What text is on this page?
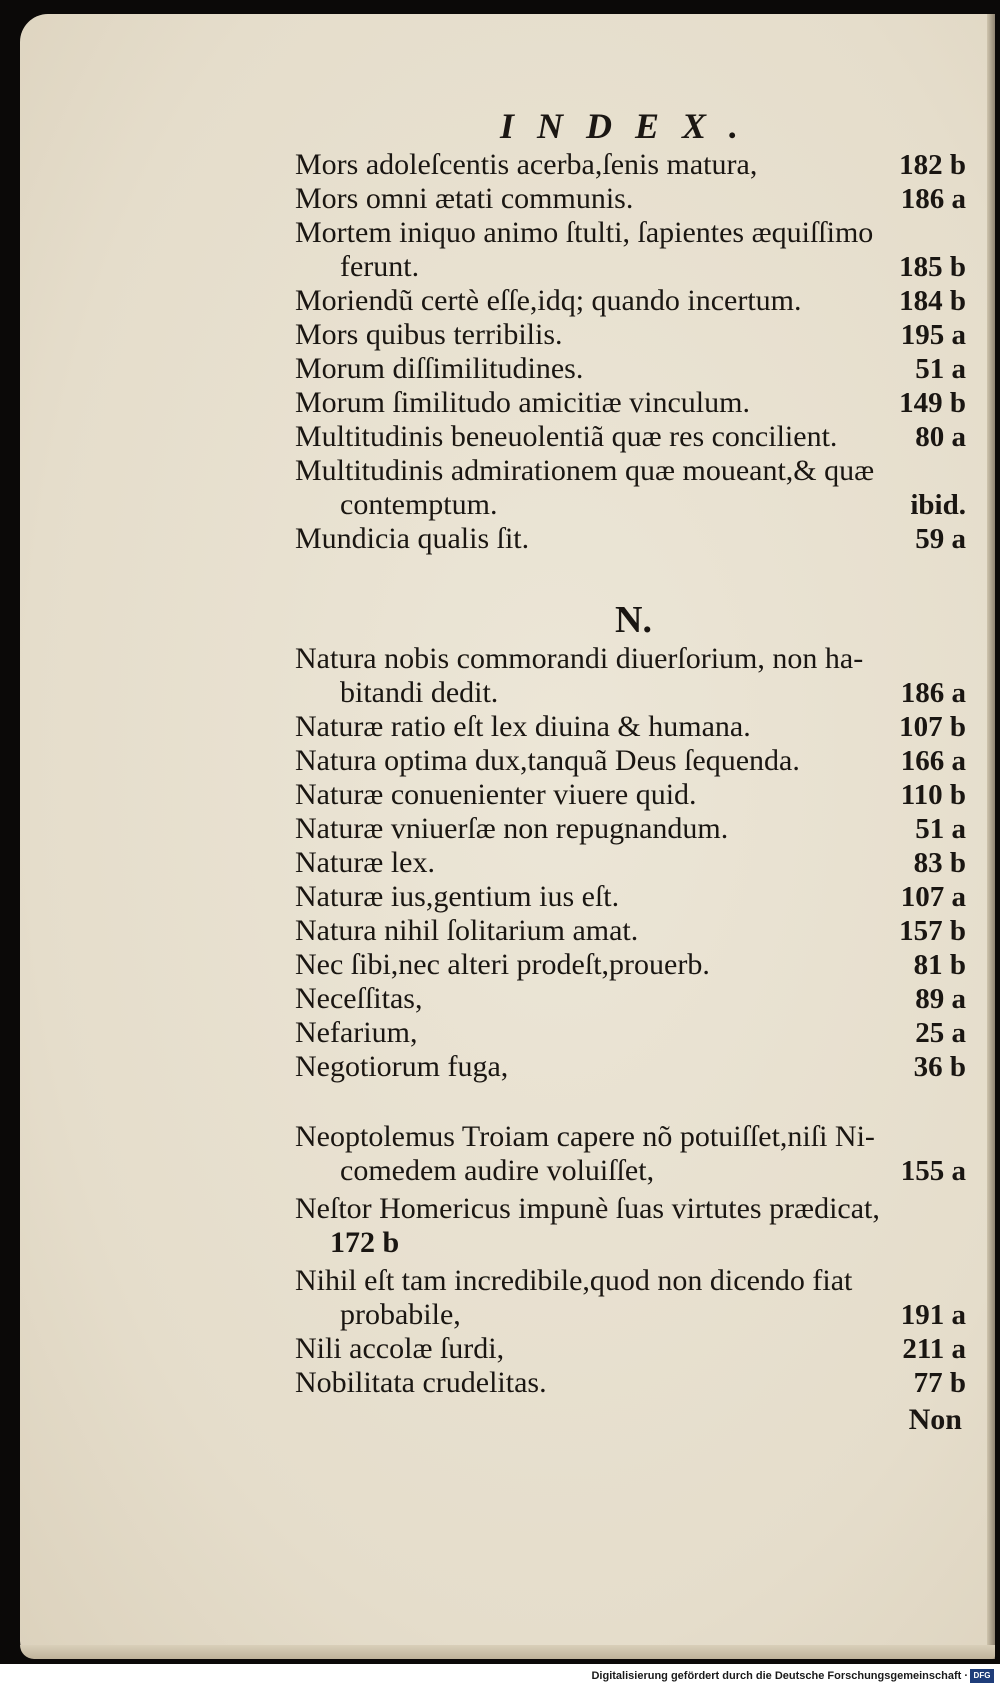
INDEX.
Mors adoleſcentis acerba,ſenis matura,	182 b
Mors omni ætati communis.	186 a
Mortem iniquo animo ſtulti, ſapientes æquiſſimo
ferunt.	185 b
Moriendũ certè eſſe,idq; quando incertum.	184 b
Mors quibus terribilis.	195 a
Morum diſſimilitudines.	51 a
Morum ſimilitudo amicitiæ vinculum.	149 b
Multitudinis beneuolentiã quæ res concilient.	80 a
Multitudinis admirationem quæ moueant,& quæ
contemptum.	ibid.
Mundicia qualis ſit.	59 a
N.
Natura nobis commorandi diuerſorium, non ha-
bitandi dedit.	186 a
Naturæ ratio eſt lex diuina & humana.	107 b
Natura optima dux,tanquã Deus ſequenda.	166 a
Naturæ conuenienter viuere quid.	110 b
Naturæ vniuerſæ non repugnandum.	51 a
Naturæ lex.	83 b
Naturæ ius,gentium ius eſt.	107 a
Natura nihil ſolitarium amat.	157 b
Nec ſibi,nec alteri prodeſt,prouerb.	81 b
Neceſſitas,	89 a
Nefarium,	25 a
Negotiorum fuga,	36 b
Neoptolemus Troiam capere nõ potuiſſet,niſi Ni-
comedem audire voluiſſet,	155 a
Neſtor Homericus impunè ſuas virtutes prædicat,
172 b
Nihil eſt tam incredibile,quod non dicendo fiat
probabile,	191 a
Nili accolæ ſurdi,	211 a
Nobilitata crudelitas.	77 b
Non
Digitalisierung gefördert durch die Deutsche Forschungsgemeinschaft · DFG
